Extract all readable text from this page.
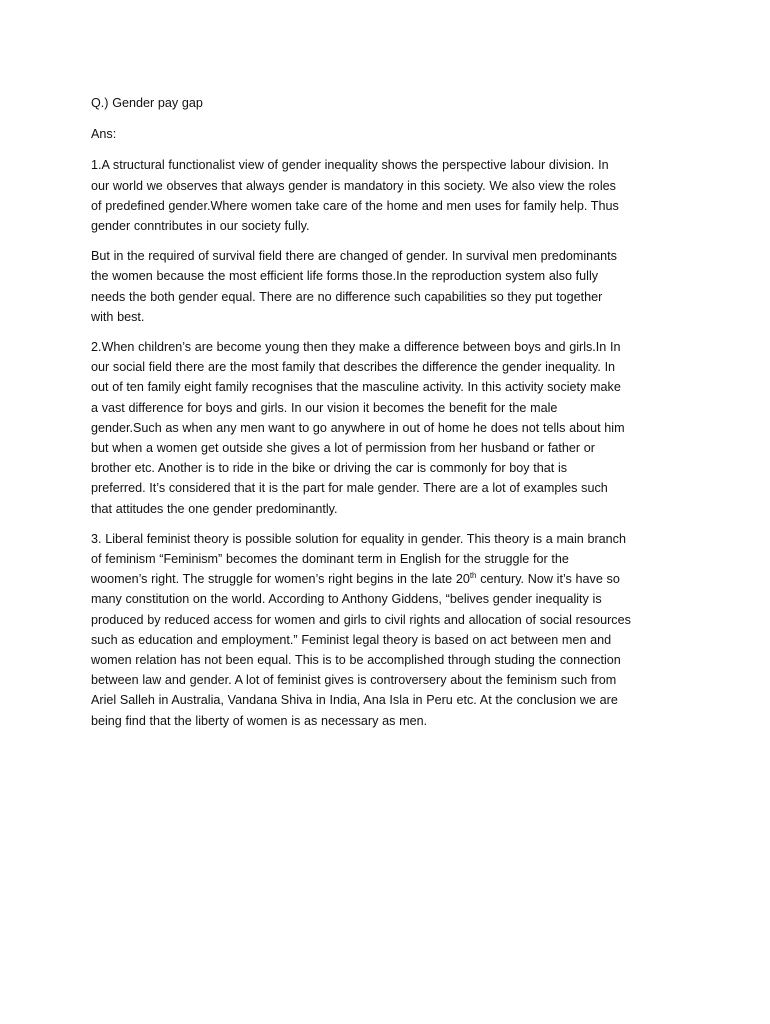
Q.) Gender pay gap

Ans:

1.A structural functionalist view of gender inequality shows the perspective labour division. In
our world we observes that always gender is mandatory in this society. We also view the roles
of predefined gender.Where women take care of the home and men uses for family help. Thus
gender conntributes in our society fully.

But in the required of survival field there are changed of gender. In survival men predominants
the women because the most efficient life forms those.In the reproduction system also fully
needs the both gender equal. There are no difference such capabilities so they put together
with best.

2.When children’s are become young then they make a difference between boys and girls.In In
our social field there are the most family that describes the difference the gender inequality. In
out of ten family eight family recognises that the masculine activity. In this activity society make
a vast difference for boys and girls. In our vision it becomes the benefit for the male
gender.Such as when any men want to go anywhere in out of home he does not tells about him
but when a women get outside she gives a lot of permission from her husband or father or
brother etc. Another is to ride in the bike or driving the car is commonly for boy that is
preferred. It’s considered that it is the part for male gender. There are a lot of examples such
that attitudes the one gender predominantly.

3. Liberal feminist theory is possible solution for equality in gender. This theory is a main branch
of feminism “Feminism” becomes the dominant term in English for the struggle for the
woomen’s right. The struggle for women’s right begins in the late 20th century. Now it’s have so
many constitution on the world. According to Anthony Giddens, “belives gender inequality is
produced by reduced access for women and girls to civil rights and allocation of social resources
such as education and employment.” Feminist legal theory is based on act between men and
women relation has not been equal. This is to be accomplished through studing the connection
between law and gender. A lot of feminist gives is controversery about the feminism such from
Ariel Salleh in Australia, Vandana Shiva in India, Ana Isla in Peru etc. At the conclusion we are
being find that the liberty of women is as necessary as men.
